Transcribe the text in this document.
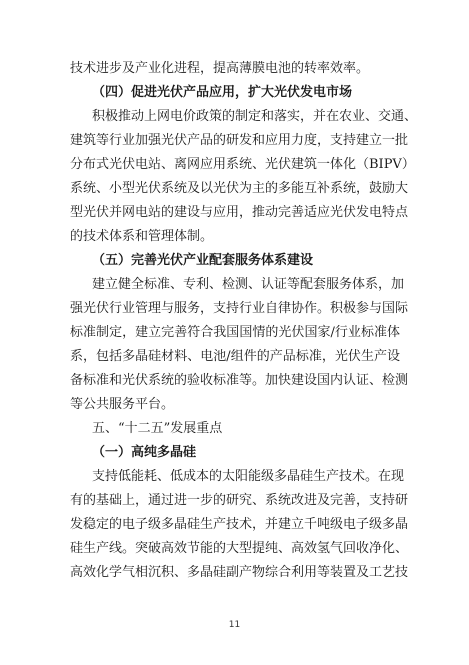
技术进步及产业化进程，提高薄膜电池的转率效率。
（四）促进光伏产品应用，扩大光伏发电市场
积极推动上网电价政策的制定和落实，并在农业、交通、
建筑等行业加强光伏产品的研发和应用力度，支持建立一批
分布式光伏电站、离网应用系统、光伏建筑一体化（BIPV）
系统、小型光伏系统及以光伏为主的多能互补系统，鼓励大
型光伏并网电站的建设与应用，推动完善适应光伏发电特点
的技术体系和管理体制。
（五）完善光伏产业配套服务体系建设
建立健全标准、专利、检测、认证等配套服务体系，加
强光伏行业管理与服务，支持行业自律协作。积极参与国际
标准制定，建立完善符合我国国情的光伏国家/行业标准体
系，包括多晶硅材料、电池/组件的产品标准，光伏生产设
备标准和光伏系统的验收标准等。加快建设国内认证、检测
等公共服务平台。
五、“十二五”发展重点
（一）高纯多晶硅
支持低能耗、低成本的太阳能级多晶硅生产技术。在现
有的基础上，通过进一步的研究、系统改进及完善，支持研
发稳定的电子级多晶硅生产技术，并建立千吨级电子级多晶
硅生产线。突破高效节能的大型提纯、高效氢气回收净化、
高效化学气相沉积、多晶硅副产物综合利用等装置及工艺技
11
